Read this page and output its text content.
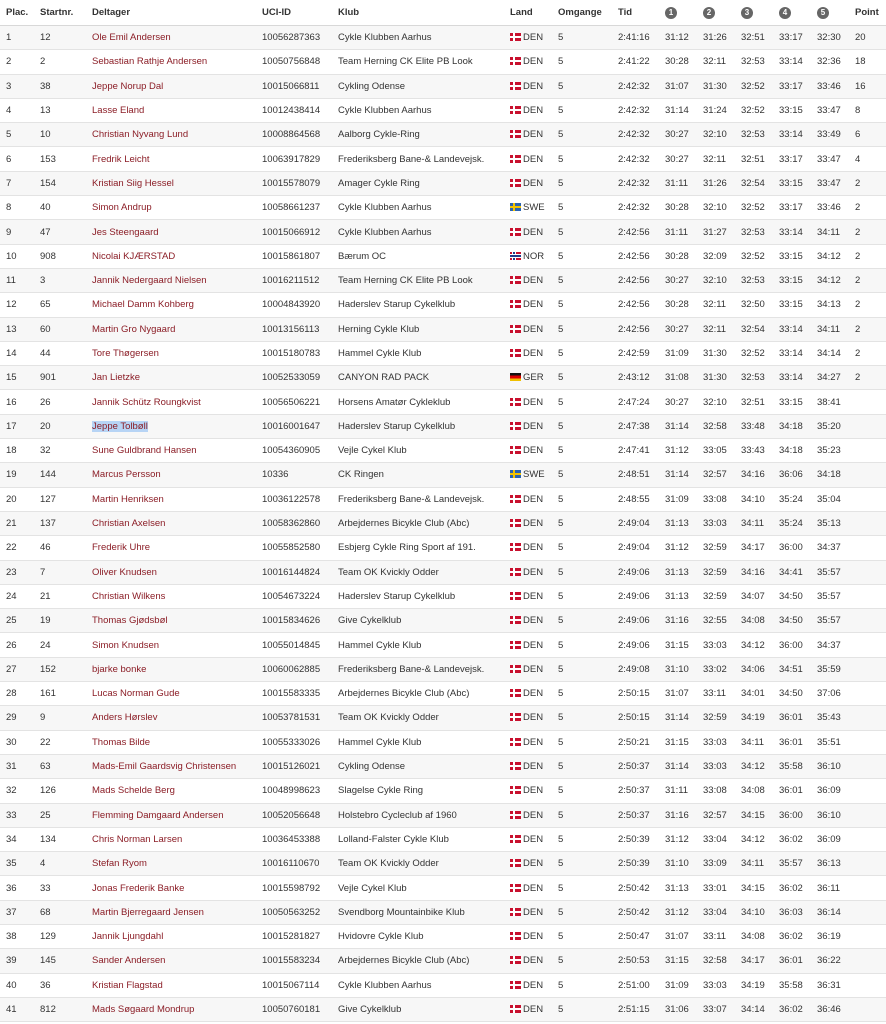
Plac.	Startnr.	Deltager	UCI-ID	Klub	Land	Omgange	Tid	1	2	3	4	5	Point
1	12	Ole Emil Andersen	10056287363	Cykle Klubben Aarhus	DEN	5	2:41:16	31:12	31:26	32:51	33:17	32:30	20
2	2	Sebastian Rathje Andersen	10050756848	Team Herning CK Elite PB Look	DEN	5	2:41:22	30:28	32:11	32:53	33:14	32:36	18
3	38	Jeppe Norup Dal	10015066811	Cykling Odense	DEN	5	2:42:32	31:07	31:30	32:52	33:17	33:46	16
4	13	Lasse Eland	10012438414	Cykle Klubben Aarhus	DEN	5	2:42:32	31:14	31:24	32:52	33:15	33:47	8
5	10	Christian Nyvang Lund	10008864568	Aalborg Cykle-Ring	DEN	5	2:42:32	30:27	32:10	32:53	33:14	33:49	6
6	153	Fredrik Leicht	10063917829	Frederiksberg Bane-& Landevejsk.	DEN	5	2:42:32	30:27	32:11	32:51	33:17	33:47	4
7	154	Kristian Siig Hessel	10015578079	Amager Cykle Ring	DEN	5	2:42:32	31:11	31:26	32:54	33:15	33:47	2
8	40	Simon Andrup	10058661237	Cykle Klubben Aarhus	SWE	5	2:42:32	30:28	32:10	32:52	33:17	33:46	2
9	47	Jes Steengaard	10015066912	Cykle Klubben Aarhus	DEN	5	2:42:56	31:11	31:27	32:53	33:14	34:11	2
10	908	Nicolai KJÆRSTAD	10015861807	Bærum OC	NOR	5	2:42:56	30:28	32:09	32:52	33:15	34:12	2
11	3	Jannik Nedergaard Nielsen	10016211512	Team Herning CK Elite PB Look	DEN	5	2:42:56	30:27	32:10	32:53	33:15	34:12	2
12	65	Michael Damm Kohberg	10004843920	Haderslev Starup Cykelklub	DEN	5	2:42:56	30:28	32:11	32:50	33:15	34:13	2
13	60	Martin Gro Nygaard	10013156113	Herning Cykle Klub	DEN	5	2:42:56	30:27	32:11	32:54	33:14	34:11	2
14	44	Tore Thøgersen	10015180783	Hammel Cykle Klub	DEN	5	2:42:59	31:09	31:30	32:52	33:14	34:14	2
15	901	Jan Lietzke	10052533059	CANYON RAD PACK	GER	5	2:43:12	31:08	31:30	32:53	33:14	34:27	2
16	26	Jannik Schütz Roungkvist	10056506221	Horsens Amatør Cykleklub	DEN	5	2:47:24	30:27	32:10	32:51	33:15	38:41	
17	20	Jeppe Tolbøll	10016001647	Haderslev Starup Cykelklub	DEN	5	2:47:38	31:14	32:58	33:48	34:18	35:20	
18	32	Sune Guldbrand Hansen	10054360905	Vejle Cykel Klub	DEN	5	2:47:41	31:12	33:05	33:43	34:18	35:23	
19	144	Marcus Persson	10336	CK Ringen	SWE	5	2:48:51	31:14	32:57	34:16	36:06	34:18	
20	127	Martin Henriksen	10036122578	Frederiksberg Bane-& Landevejsk.	DEN	5	2:48:55	31:09	33:08	34:10	35:24	35:04	
21	137	Christian Axelsen	10058362860	Arbejdernes Bicykle Club (Abc)	DEN	5	2:49:04	31:13	33:03	34:11	35:24	35:13	
22	46	Frederik Uhre	10055852580	Esbjerg Cykle Ring Sport af 191.	DEN	5	2:49:04	31:12	32:59	34:17	36:00	34:37	
23	7	Oliver Knudsen	10016144824	Team OK Kvickly Odder	DEN	5	2:49:06	31:13	32:59	34:16	34:41	35:57	
24	21	Christian Wilkens	10054673224	Haderslev Starup Cykelklub	DEN	5	2:49:06	31:13	32:59	34:07	34:50	35:57	
25	19	Thomas Gjødsbøl	10015834626	Give Cykelklub	DEN	5	2:49:06	31:16	32:55	34:08	34:50	35:57	
26	24	Simon Knudsen	10055014845	Hammel Cykle Klub	DEN	5	2:49:06	31:15	33:03	34:12	36:00	34:37	
27	152	bjarke bonke	10060062885	Frederiksberg Bane-& Landevejsk.	DEN	5	2:49:08	31:10	33:02	34:06	34:51	35:59	
28	161	Lucas Norman Gude	10015583335	Arbejdernes Bicykle Club (Abc)	DEN	5	2:50:15	31:07	33:11	34:01	34:50	37:06	
29	9	Anders Hørslev	10053781531	Team OK Kvickly Odder	DEN	5	2:50:15	31:14	32:59	34:19	36:01	35:43	
30	22	Thomas Bilde	10055333026	Hammel Cykle Klub	DEN	5	2:50:21	31:15	33:03	34:11	36:01	35:51	
31	63	Mads-Emil Gaardsvig Christensen	10015126021	Cykling Odense	DEN	5	2:50:37	31:14	33:03	34:12	35:58	36:10	
32	126	Mads Schelde Berg	10048998623	Slagelse Cykle Ring	DEN	5	2:50:37	31:11	33:08	34:08	36:01	36:09	
33	25	Flemming Damgaard Andersen	10052056648	Holstebro Cycleclub af 1960	DEN	5	2:50:37	31:16	32:57	34:15	36:00	36:10	
34	134	Chris Norman Larsen	10036453388	Lolland-Falster Cykle Klub	DEN	5	2:50:39	31:12	33:04	34:12	36:02	36:09	
35	4	Stefan Ryom	10016110670	Team OK Kvickly Odder	DEN	5	2:50:39	31:10	33:09	34:11	35:57	36:13	
36	33	Jonas Frederik Banke	10015598792	Vejle Cykel Klub	DEN	5	2:50:42	31:13	33:01	34:15	36:02	36:11	
37	68	Martin Bjerregaard Jensen	10050563252	Svendborg Mountainbike Klub	DEN	5	2:50:42	31:12	33:04	34:10	36:03	36:14	
38	129	Jannik Ljungdahl	10015281827	Hvidovre Cykle Klub	DEN	5	2:50:47	31:07	33:11	34:08	36:02	36:19	
39	145	Sander Andersen	10015583234	Arbejdernes Bicykle Club (Abc)	DEN	5	2:50:53	31:15	32:58	34:17	36:01	36:22	
40	36	Kristian Flagstad	10015067114	Cykle Klubben Aarhus	DEN	5	2:51:00	31:09	33:03	34:19	35:58	36:31	
41	812	Mads Søgaard Mondrup	10050760181	Give Cykelklub	DEN	5	2:51:15	31:06	33:07	34:14	36:02	36:46	
